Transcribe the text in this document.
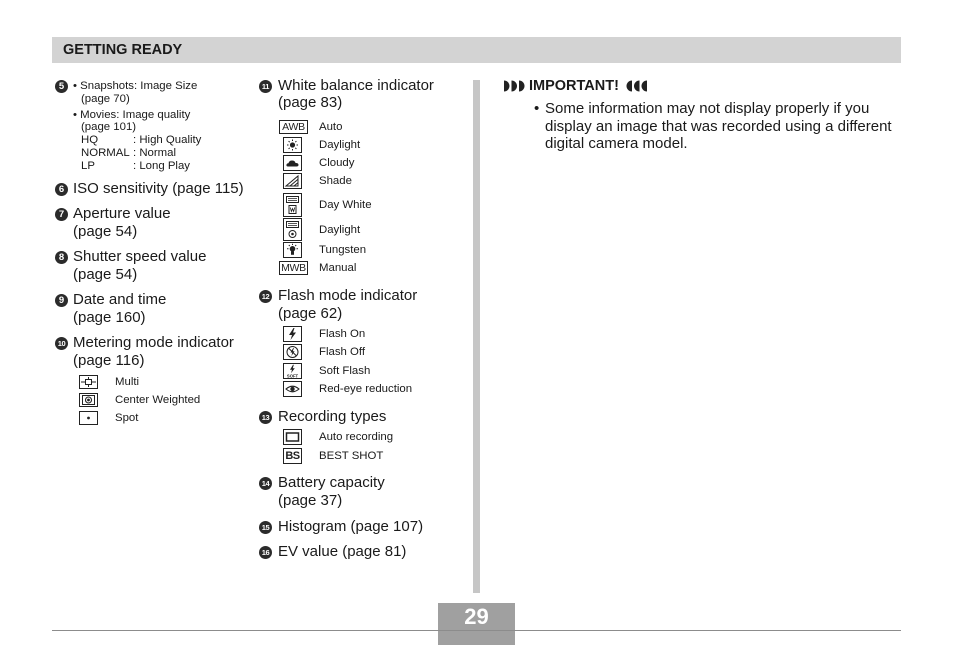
GETTING READY
5 • Snapshots: Image Size
(page 70)
• Movies: Image quality
(page 101)
HQ	: High Quality
NORMAL : Normal
LP	: Long Play
6 ISO sensitivity (page 115)
7 Aperture value
(page 54)
8 Shutter speed value
(page 54)
9 Date and time
(page 160)
10 Metering mode indicator
(page 116)
Multi
Center Weighted
Spot
11 White balance indicator
(page 83)
AWB Auto
Daylight
Cloudy
Shade
Day White
Daylight
Tungsten
MWB Manual
12 Flash mode indicator
(page 62)
Flash On
Flash Off
SOFT Soft Flash
Red-eye reduction
13 Recording types
Auto recording
BS BEST SHOT
14 Battery capacity
(page 37)
15 Histogram (page 107)
16 EV value (page 81)
IMPORTANT!
• Some information may not display properly if you
display an image that was recorded using a different
digital camera model.
29
